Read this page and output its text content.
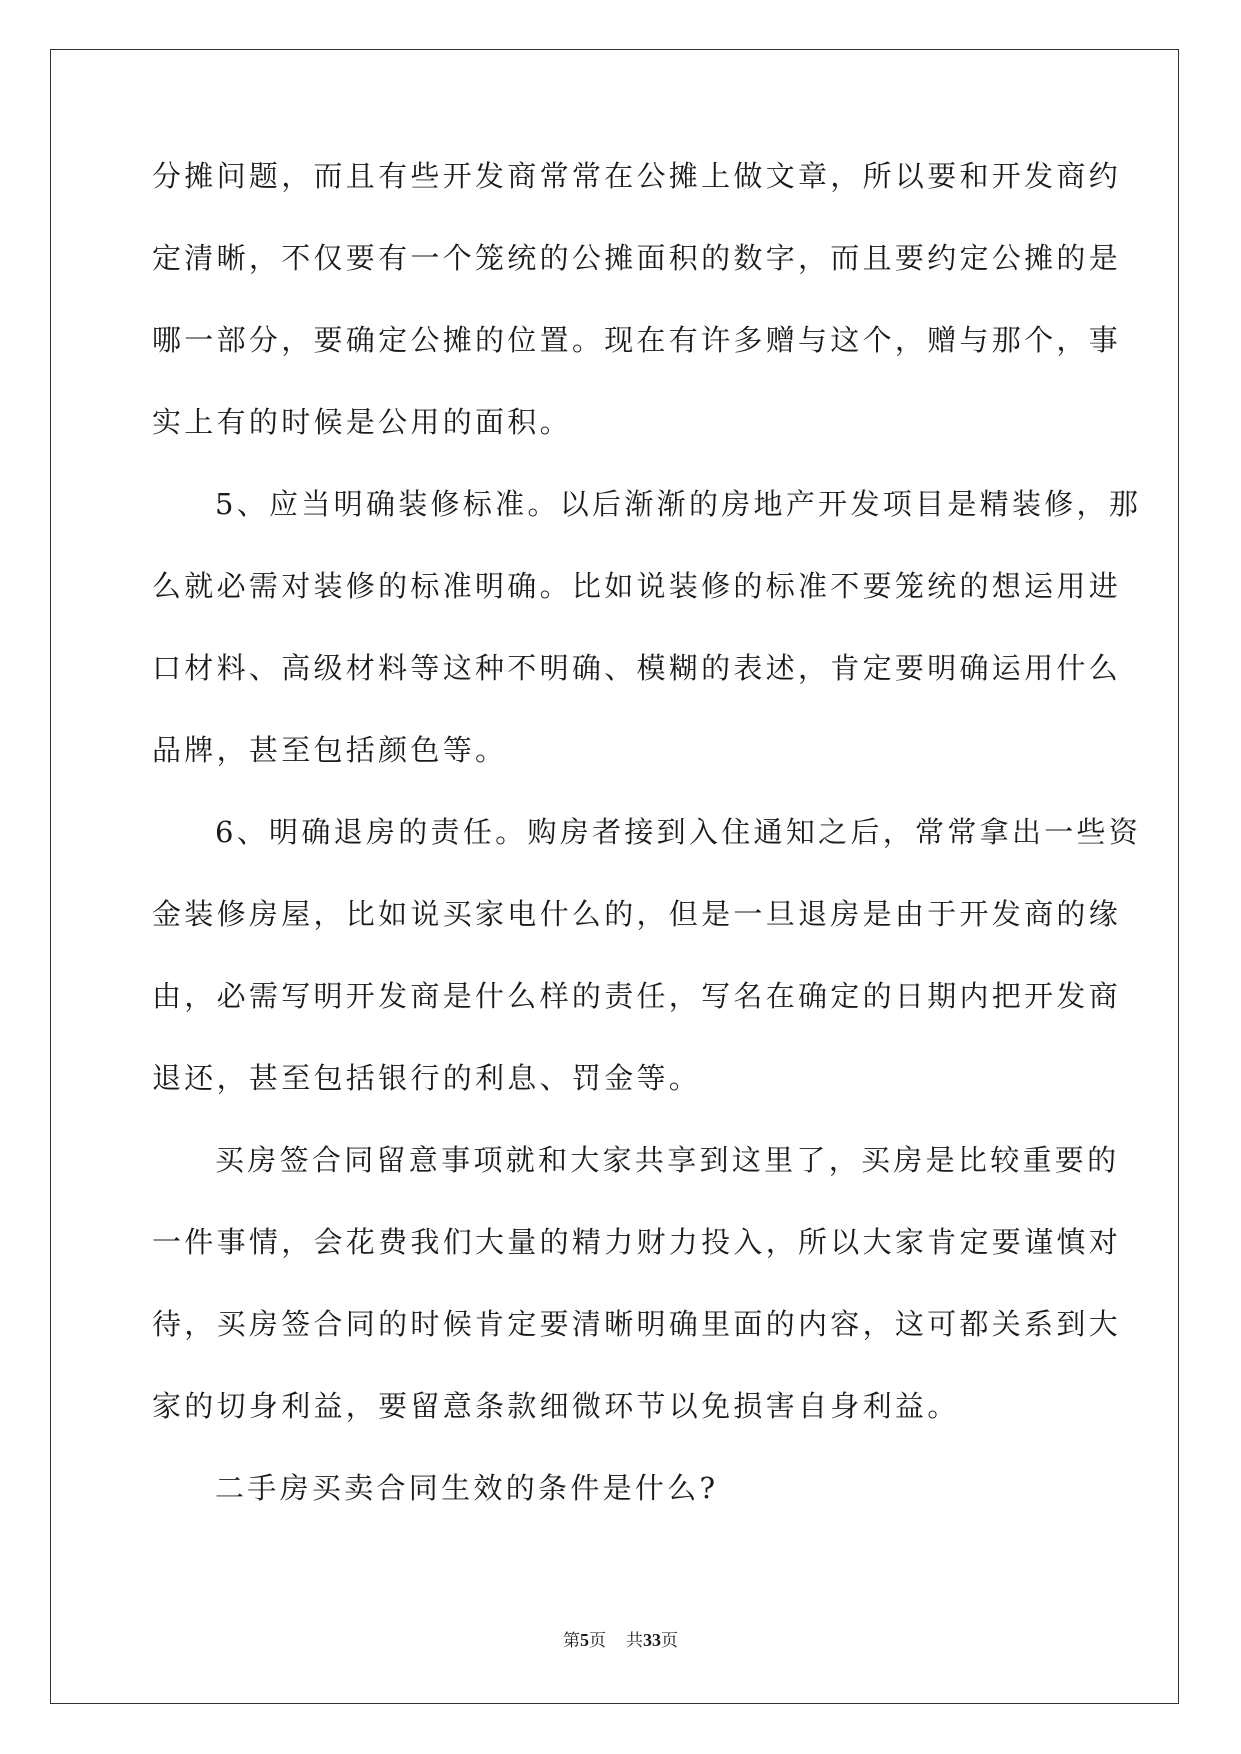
分摊问题，而且有些开发商常常在公摊上做文章，所以要和开发商约
定清晰，不仅要有一个笼统的公摊面积的数字，而且要约定公摊的是
哪一部分，要确定公摊的位置。现在有许多赠与这个，赠与那个，事
实上有的时候是公用的面积。
5、应当明确装修标准。以后渐渐的房地产开发项目是精装修，那
么就必需对装修的标准明确。比如说装修的标准不要笼统的想运用进
口材料、高级材料等这种不明确、模糊的表述，肯定要明确运用什么
品牌，甚至包括颜色等。
6、明确退房的责任。购房者接到入住通知之后，常常拿出一些资
金装修房屋，比如说买家电什么的，但是一旦退房是由于开发商的缘
由，必需写明开发商是什么样的责任，写名在确定的日期内把开发商
退还，甚至包括银行的利息、罚金等。
买房签合同留意事项就和大家共享到这里了，买房是比较重要的
一件事情，会花费我们大量的精力财力投入，所以大家肯定要谨慎对
待，买房签合同的时候肯定要清晰明确里面的内容，这可都关系到大
家的切身利益，要留意条款细微环节以免损害自身利益。
二手房买卖合同生效的条件是什么?
第5页 共33页
